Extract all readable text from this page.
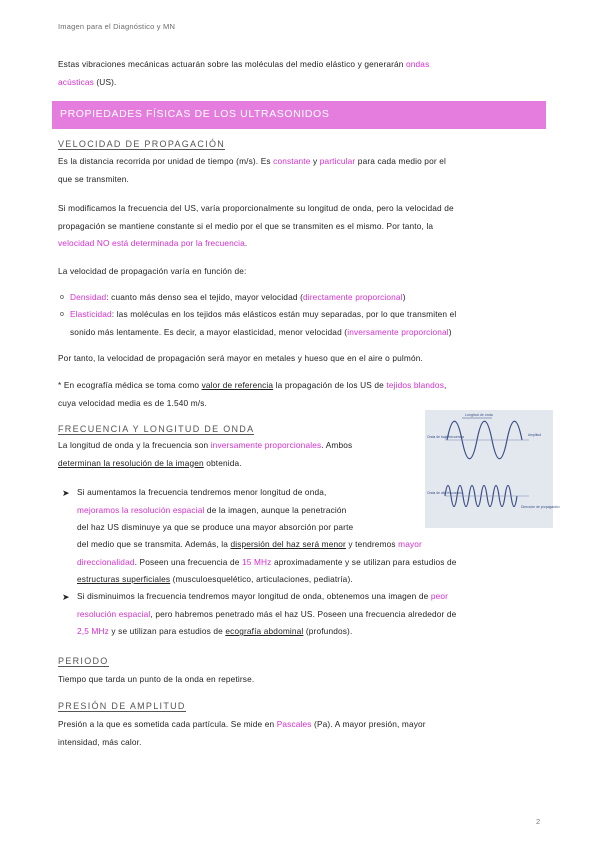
Imagen para el Diagnóstico y MN
Estas vibraciones mecánicas actuarán sobre las moléculas del medio elástico y generarán ondas
acústicas (US).
PROPIEDADES FÍSICAS DE LOS ULTRASONIDOS
VELOCIDAD DE PROPAGACIÓN
Es la distancia recorrida por unidad de tiempo (m/s). Es constante y particular para cada medio por el
que se transmiten.
Si modificamos la frecuencia del US, varía proporcionalmente su longitud de onda, pero la velocidad de
propagación se mantiene constante si el medio por el que se transmiten es el mismo. Por tanto, la
velocidad NO está determinada por la frecuencia.
La velocidad de propagación varía en función de:
o Densidad: cuanto más denso sea el tejido, mayor velocidad (directamente proporcional)
o Elasticidad: las moléculas en los tejidos más elásticos están muy separadas, por lo que transmiten el
sonido más lentamente. Es decir, a mayor elasticidad, menor velocidad (inversamente proporcional)
Por tanto, la velocidad de propagación será mayor en metales y hueso que en el aire o pulmón.
* En ecografía médica se toma como valor de referencia la propagación de los US de tejidos blandos,
cuya velocidad media es de 1.540 m/s.
FRECUENCIA Y LONGITUD DE ONDA
La longitud de onda y la frecuencia son inversamente proporcionales. Ambos
determinan la resolución de la imagen obtenida.
Longitud de onda
Onda de baja frecuencia	Amplitud
Onda de alta frecuencia
Dirección de propagación
➤ Si aumentamos la frecuencia tendremos menor longitud de onda,
mejoramos la resolución espacial de la imagen, aunque la penetración
del haz US disminuye ya que se produce una mayor absorción por parte
del medio que se transmita. Además, la dispersión del haz será menor y tendremos mayor
direccionalidad. Poseen una frecuencia de 15 MHz aproximadamente y se utilizan para estudios de
estructuras superficiales (musculoesquelético, articulaciones, pediatría).
➤ Si disminuimos la frecuencia tendremos mayor longitud de onda, obtenemos una imagen de peor
resolución espacial, pero habremos penetrado más el haz US. Poseen una frecuencia alrededor de
2,5 MHz y se utilizan para estudios de ecografía abdominal (profundos).
PERIODO
Tiempo que tarda un punto de la onda en repetirse.
PRESIÓN DE AMPLITUD
Presión a la que es sometida cada partícula. Se mide en Pascales (Pa). A mayor presión, mayor
intensidad, más calor.
2
